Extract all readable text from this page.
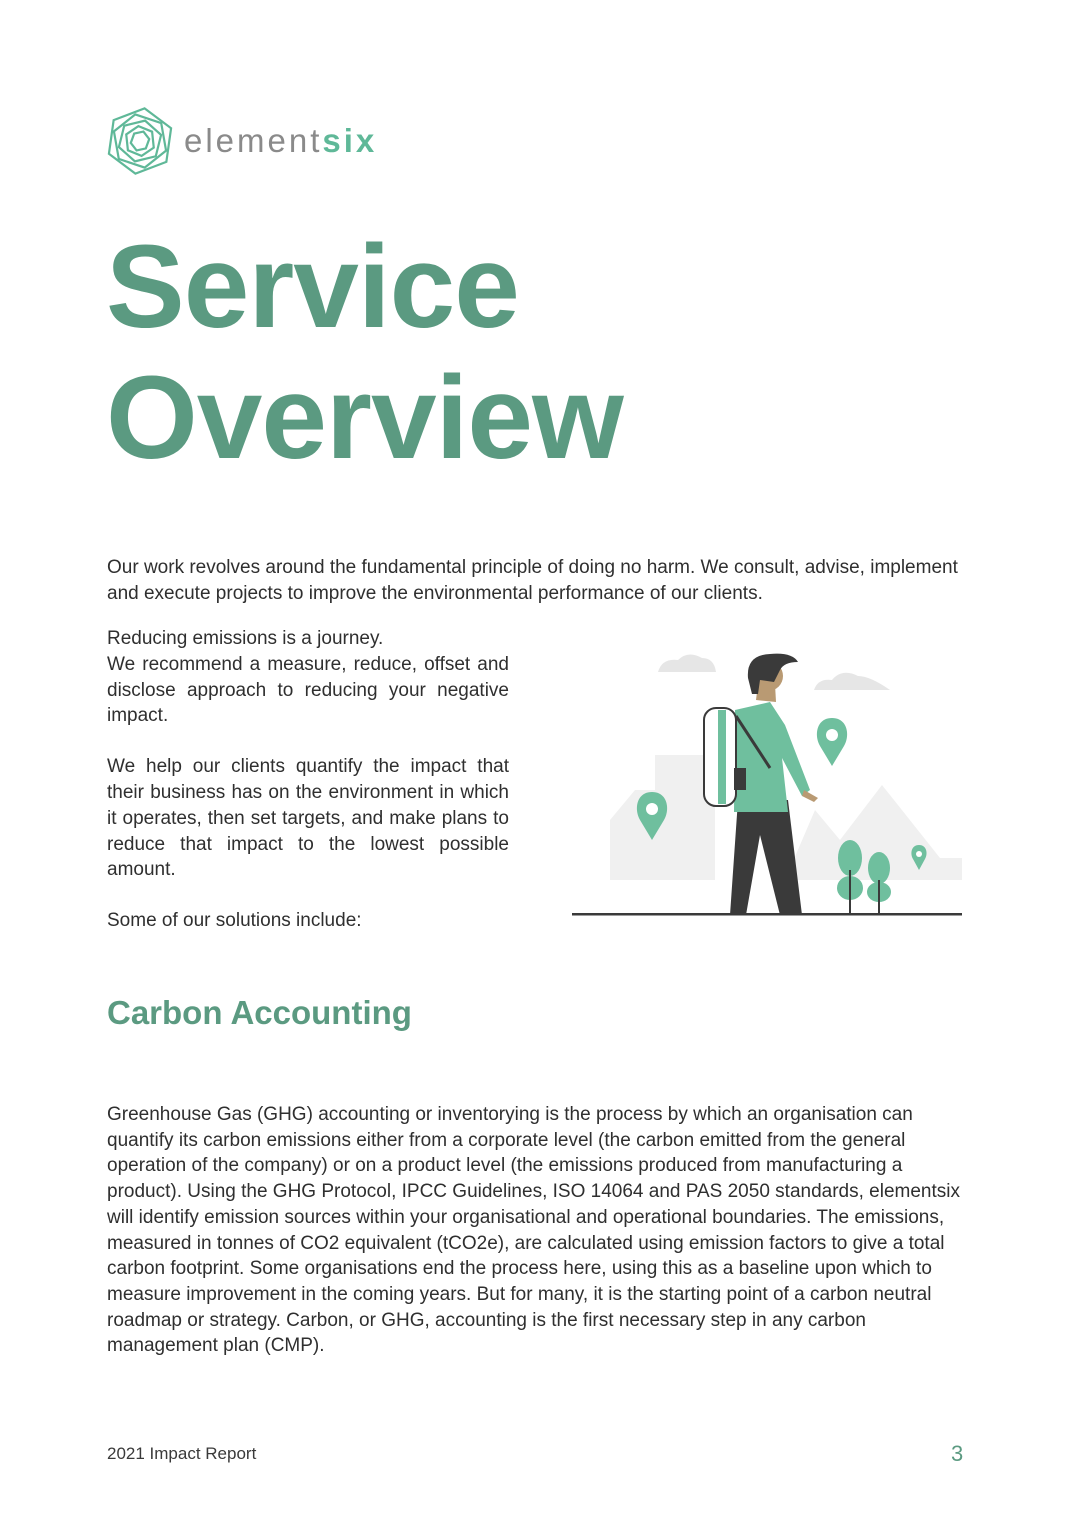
elementsix
Service
Overview

Our work revolves around the fundamental principle of doing no harm. We consult, advise, implement and execute projects to improve the environmental performance of our clients.

Reducing emissions is a journey.

We recommend a measure, reduce, offset and disclose approach to reducing your negative impact.

We help our clients quantify the impact that their business has on the environment in which it operates, then set targets, and make plans to reduce that impact to the lowest possible amount.

Some of our solutions include:

Carbon Accounting

Greenhouse Gas (GHG) accounting or inventorying is the process by which an organisation can quantify its carbon emissions either from a corporate level (the carbon emitted from the general operation of the company) or on a product level (the emissions produced from manufacturing a product). Using the GHG Protocol, IPCC Guidelines, ISO 14064 and PAS 2050 standards, elementsix will identify emission sources within your organisational and operational boundaries. The emissions, measured in tonnes of CO2 equivalent (tCO2e), are calculated using emission factors to give a total carbon footprint. Some organisations end the process here, using this as a baseline upon which to measure improvement in the coming years. But for many, it is the starting point of a carbon neutral roadmap or strategy. Carbon, or GHG, accounting is the first necessary step in any carbon management plan (CMP).

2021 Impact Report	3
